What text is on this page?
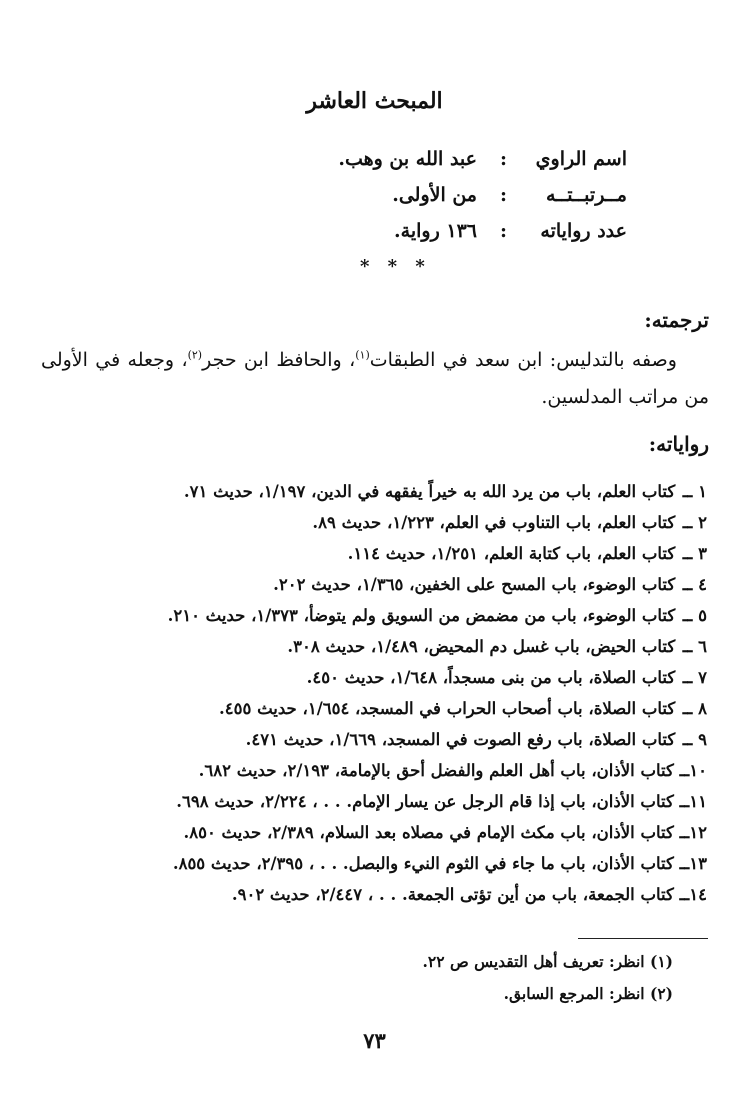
المبحث العاشر
اسم الراوي
:
عبد الله بن وهب.
مــرتبــتــه
:
من الأولى.
عدد رواياته
:
١٣٦ رواية.
* * *
ترجمته:
وصفه بالتدليس: ابن سعد في الطبقات$^{(١)}$، والحافظ ابن حجر$^{(٢)}$، وجعله في الأولى من مراتب المدلسين.
رواياته:
١ ــ كتاب العلم، باب من يرد الله به خيراً يفقهه في الدين، ١/١٩٧، حديث ٧١.
٢ ــ كتاب العلم، باب التناوب في العلم، ١/٢٢٣، حديث ٨٩.
٣ ــ كتاب العلم، باب كتابة العلم، ١/٢٥١، حديث ١١٤.
٤ ــ كتاب الوضوء، باب المسح على الخفين، ١/٣٦٥، حديث ٢٠٢.
٥ ــ كتاب الوضوء، باب من مضمض من السويق ولم يتوضأ، ١/٣٧٣، حديث ٢١٠.
٦ ــ كتاب الحيض، باب غسل دم المحيض، ١/٤٨٩، حديث ٣٠٨.
٧ ــ كتاب الصلاة، باب من بنى مسجداً، ١/٦٤٨، حديث ٤٥٠.
٨ ــ كتاب الصلاة، باب أصحاب الحراب في المسجد، ١/٦٥٤، حديث ٤٥٥.
٩ ــ كتاب الصلاة، باب رفع الصوت في المسجد، ١/٦٦٩، حديث ٤٧١.
١٠ــ كتاب الأذان، باب أهل العلم والفضل أحق بالإمامة، ٢/١٩٣، حديث ٦٨٢.
١١ــ كتاب الأذان، باب إذا قام الرجل عن يسار الإمام. . . ، ٢/٢٢٤، حديث ٦٩٨.
١٢ــ كتاب الأذان، باب مكث الإمام في مصلاه بعد السلام، ٢/٣٨٩، حديث ٨٥٠.
١٣ــ كتاب الأذان، باب ما جاء في الثوم النيء والبصل. . . ، ٢/٣٩٥، حديث ٨٥٥.
١٤ــ كتاب الجمعة، باب من أين تؤتى الجمعة. . . ، ٢/٤٤٧، حديث ٩٠٢.
(١) انظر: تعريف أهل التقديس ص ٢٢.
(٢) انظر: المرجع السابق.
٧٣
